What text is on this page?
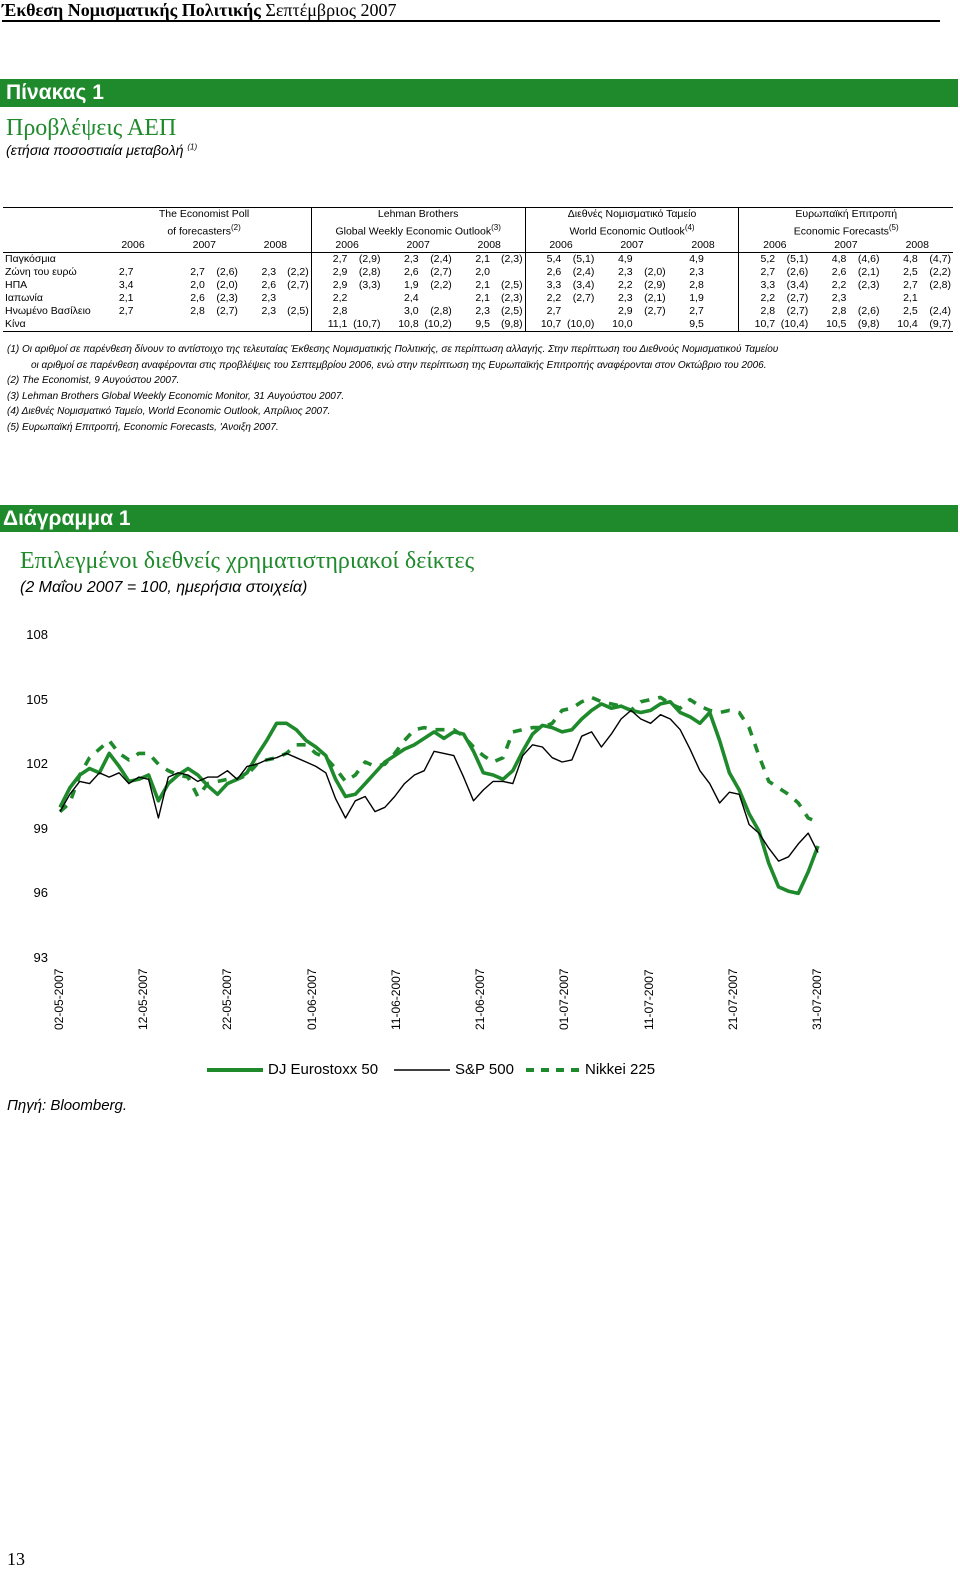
Έκθεση Νομισματικής Πολιτικής Σεπτέμβριος 2007
Πίνακας 1
Προβλέψεις ΑΕΠ
(ετήσια ποσοστιαία μεταβολή $^{(1)}$
	The Economist Poll						Lehman Brothers						Διεθνές Νομισματικό Ταμείο						Ευρωπαϊκή Επιτροπή					
	of forecasters$^{(2)}$						Global Weekly Economic Outlook$^{(3)}$						World Economic Outlook$^{(4)}$						Economic Forecasts$^{(5)}$
	2006		2007		2008		2006		2007		2008		2006		2007		2008		2006		2007		2008	
Παγκόσμια							2,7	(2,9)	2,3	(2,4)	2,1	(2,3)	5,4	(5,1)	4,9		4,9		5,2	(5,1)	4,8	(4,6)	4,8	(4,7)
Ζώνη του ευρώ	2,7		2,7	(2,6)	2,3	(2,2)	2,9	(2,8)	2,6	(2,7)	2,0		2,6	(2,4)	2,3	(2,0)	2,3		2,7	(2,6)	2,6	(2,1)	2,5	(2,2)
ΗΠΑ	3,4		2,0	(2,0)	2,6	(2,7)	2,9	(3,3)	1,9	(2,2)	2,1	(2,5)	3,3	(3,4)	2,2	(2,9)	2,8		3,3	(3,4)	2,2	(2,3)	2,7	(2,8)
Ιαπωνία	2,1		2,6	(2,3)	2,3		2,2		2,4		2,1	(2,3)	2,2	(2,7)	2,3	(2,1)	1,9		2,2	(2,7)	2,3		2,1	
Ηνωμένο Βασίλειο	2,7		2,8	(2,7)	2,3	(2,5)	2,8		3,0	(2,8)	2,3	(2,5)	2,7		2,9	(2,7)	2,7		2,8	(2,7)	2,8	(2,6)	2,5	(2,4)
Κίνα							11,1	(10,7)	10,8	(10,2)	9,5	(9,8)	10,7	(10,0)	10,0		9,5		10,7	(10,4)	10,5	(9,8)	10,4	(9,7)
(1) Οι αριθμοί σε παρένθεση δίνουν το αντίστοιχο της τελευταίας Έκθεσης Νομισματικής Πολιτικής, σε περίπτωση αλλαγής. Στην περίπτωση του Διεθνούς Νομισματικού Ταμείου
οι αριθμοί σε παρένθεση αναφέρονται στις προβλέψεις του Σεπτεμβρίου 2006, ενώ στην περίπτωση της Ευρωπαϊκής Επιτροπής αναφέρονται στον Οκτώβριο του 2006.
(2) The Economist, 9 Αυγούστου 2007.
(3) Lehman Brothers Global Weekly Economic Monitor, 31 Αυγούστου 2007.
(4) Διεθνές Νομισματικό Ταμείο, World Economic Outlook, Απρίλιος 2007.
(5) Ευρωπαϊκή Επιτροπή, Economic Forecasts, 'Ανοιξη 2007.
Διάγραμμα 1
Επιλεγμένοι διεθνείς χρηματιστηριακοί δείκτες
(2 Μαΐου 2007 = 100, ημερήσια στοιχεία)
108
105
102
99
96
93
02-05-2007	12-05-2007	22-05-2007	01-06-2007	11-06-2007	21-06-2007	01-07-2007	11-07-2007	21-07-2007	31-07-2007
DJ Eurostoxx 50	S&P 500	Nikkei 225
Πηγή: Bloomberg.
13
